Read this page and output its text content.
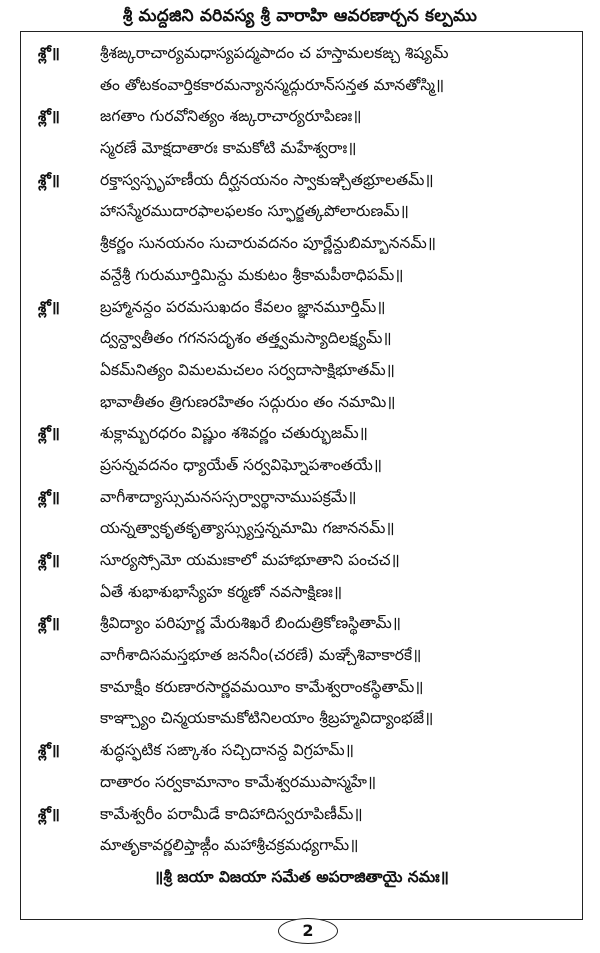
శ్రీ మద్దజిని వరివస్య శ్రీ వారాహి ఆవరణార్చన కల్పము
శ్లో॥	శ్రీశఙ్కరాచార్యమధాస్యపద్మపాదం చ హస్తామలకఙ్చ శిష్యమ్
తం తోటకంవార్తికకారమన్యానస్మద్గురూన్‌సన్తత మానతోస్మి॥
శ్లో॥	జగతాం గురవోనిత్యం శఙ్కరాచార్యరూపిణః॥
స్మరణే మోక్షదాతారః కామకోటి మహేశ్వరాః॥
శ్లో॥	రక్తాస్వస్పృహణీయ దీర్ఘనయనం స్వాకుఞ్చితభ్రూలతమ్॥
హాసస్మేరముదారఫాలఫలకం స్ఫూర్జత్కపోలారుణమ్॥
శ్రీకర్ణం సునయనం సుచారువదనం పూర్ణేన్దుబిమ్బాననమ్॥
వన్దేశ్రీ గురుమూర్తిమిన్దు మకుటం శ్రీకామపీఠాధిపమ్॥
శ్లో॥	బ్రహ్మానన్దం పరమసుఖదం కేవలం జ్ఞానమూర్తిమ్॥
ద్వన్ద్వాతీతం గగనసదృశం తత్త్వమస్యాదిలక్ష్యమ్॥
ఏకమ్‌నిత్యం విమలమచలం సర్వదాసాక్షిభూతమ్॥
భావాతీతం త్రిగుణరహితం సద్గురుం తం నమామి॥
శ్లో॥	శుక్లామ్బరధరం విష్ణుం శశివర్ణం చతుర్భుజమ్॥
ప్రసన్నవదనం ధ్యాయేత్ సర్వవిఘ్నోపశాంతయే॥
శ్లో॥	వాగీశాద్యాస్సుమనసస్సర్వార్థానాముపక్రమే॥
యన్నత్వాకృతకృత్యాస్స్యుస్తన్నమామి గజాననమ్॥
శ్లో॥	సూర్యస్సోమో యమఃకాలో మహాభూతాని పంచచ॥
ఏతే శుభాశుభాస్యేహ కర్మణో నవసాక్షిణః॥
శ్లో॥	శ్రీవిద్యాం పరిపూర్ణ మేరుశిఖరే బిందుత్రికోణస్థితామ్॥
వాగీశాదిసమస్తభూత జననీం(చరణే) మఞ్చేశివాకారకే॥
కామాక్షీం కరుణారసార్ణవమయీం కామేశ్వరాంకస్థితామ్॥
కాఞ్చ్యాం చిన్మయకామకోటినిలయాం శ్రీబ్రహ్మవిద్యాంభజే॥
శ్లో॥	శుద్ధస్ఫటిక సఙ్కాశం సచ్చిదానన్ద విగ్రహమ్॥
దాతారం సర్వకామానాం కామేశ్వరముపాస్మహే॥
శ్లో॥	కామేశ్వరీం పరామీడే కాదిహాదిస్వరూపిణీమ్॥
మాతృకావర్ణలిప్తాఙ్గీం మహాశ్రీచక్రమధ్యగామ్॥
॥శ్రీ జయా విజయా సమేత అపరాజితాయై నమః॥
2
